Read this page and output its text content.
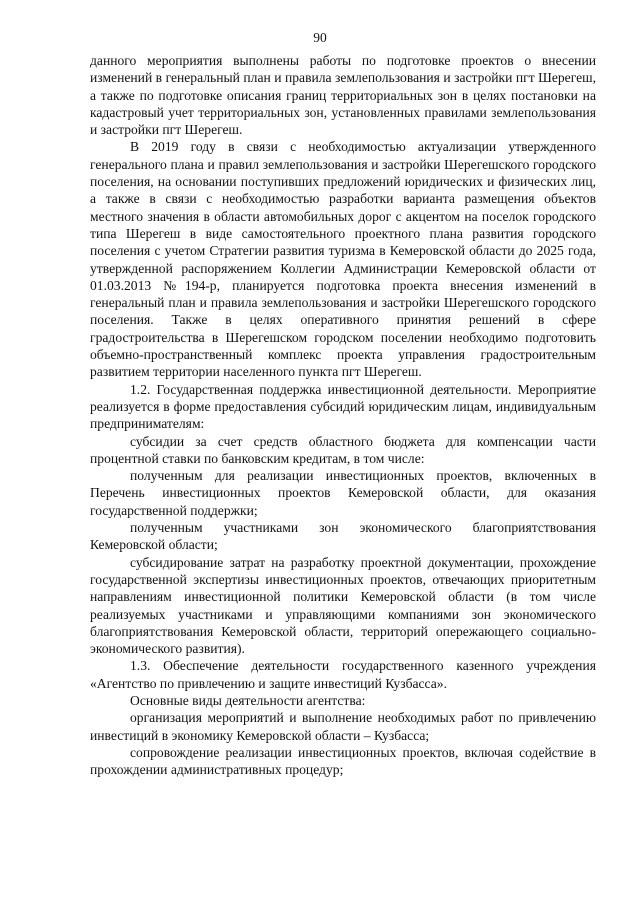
90

данного мероприятия выполнены работы по подготовке проектов о внесении изменений в генеральный план и правила землепользования и застройки пгт Шерегеш, а также по подготовке описания границ территориальных зон в целях постановки на кадастровый учет территориальных зон, установленных правилами землепользования и застройки пгт Шерегеш.

В 2019 году в связи с необходимостью актуализации утвержденного генерального плана и правил землепользования и застройки Шерегешского городского поселения, на основании поступивших предложений юридических и физических лиц, а также в связи с необходимостью разработки варианта размещения объектов местного значения в области автомобильных дорог с акцентом на поселок городского типа Шерегеш в виде самостоятельного проектного плана развития городского поселения с учетом Стратегии развития туризма в Кемеровской области до 2025 года, утвержденной распоряжением Коллегии Администрации Кемеровской области от 01.03.2013 №194-р, планируется подготовка проекта внесения изменений в генеральный план и правила землепользования и застройки Шерегешского городского поселения. Также в целях оперативного принятия решений в сфере градостроительства в Шерегешском городском поселении необходимо подготовить объемно-пространственный комплекс проекта управления градостроительным развитием территории населенного пункта пгт Шерегеш.

1.2. Государственная поддержка инвестиционной деятельности. Мероприятие реализуется в форме предоставления субсидий юридическим лицам, индивидуальным предпринимателям:

субсидии за счет средств областного бюджета для компенсации части процентной ставки по банковским кредитам, в том числе:

полученным для реализации инвестиционных проектов, включенных в Перечень инвестиционных проектов Кемеровской области, для оказания государственной поддержки;

полученным участниками зон экономического благоприятствования Кемеровской области;

субсидирование затрат на разработку проектной документации, прохождение государственной экспертизы инвестиционных проектов, отвечающих приоритетным направлениям инвестиционной политики Кемеровской области (в том числе реализуемых участниками и управляющими компаниями зон экономического благоприятствования Кемеровской области, территорий опережающего социально-экономического развития).

1.3. Обеспечение деятельности государственного казенного учреждения «Агентство по привлечению и защите инвестиций Кузбасса».

Основные виды деятельности агентства:

организация мероприятий и выполнение необходимых работ по привлечению инвестиций в экономику Кемеровской области – Кузбасса;

сопровождение реализации инвестиционных проектов, включая содействие в прохождении административных процедур;
